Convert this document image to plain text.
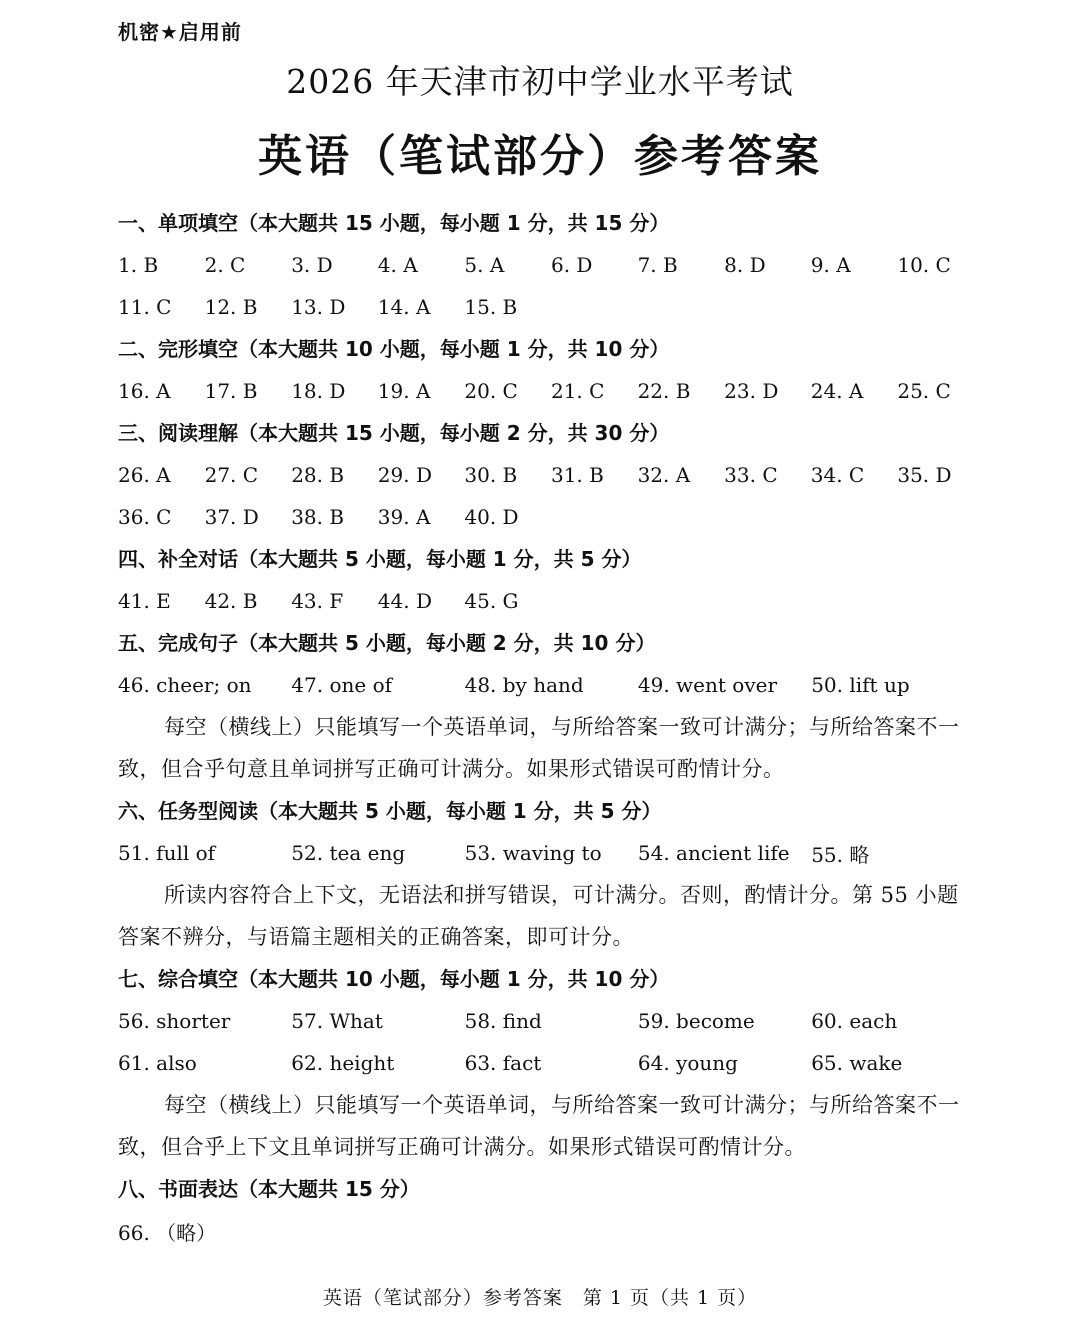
机密★启用前
2026 年天津市初中学业水平考试
英语（笔试部分）参考答案
一、单项填空（本大题共 15 小题，每小题 1 分，共 15 分）
1. B	2. C	3. D	4. A	5. A	6. D	7. B	8. D	9. A	10. C
11. C	12. B	13. D	14. A	15. B
二、完形填空（本大题共 10 小题，每小题 1 分，共 10 分）
16. A	17. B	18. D	19. A	20. C	21. C	22. B	23. D	24. A	25. C
三、阅读理解（本大题共 15 小题，每小题 2 分，共 30 分）
26. A	27. C	28. B	29. D	30. B	31. B	32. A	33. C	34. C	35. D
36. C	37. D	38. B	39. A	40. D
四、补全对话（本大题共 5 小题，每小题 1 分，共 5 分）
41. E	42. B	43. F	44. D	45. G
五、完成句子（本大题共 5 小题，每小题 2 分，共 10 分）
46. cheer; on	47. one of	48. by hand	49. went over	50. lift up

每空（横线上）只能填写一个英语单词，与所给答案一致可计满分；与所给答案不一致，但合乎句意且单词拼写正确可计满分。如果形式错误可酌情计分。

六、任务型阅读（本大题共 5 小题，每小题 1 分，共 5 分）
51. full of	52. tea eng	53. waving to	54. ancient life	55. 略

所读内容符合上下文，无语法和拼写错误，可计满分。否则，酌情计分。第 55 小题答案不辨分，与语篇主题相关的正确答案，即可计分。

七、综合填空（本大题共 10 小题，每小题 1 分，共 10 分）
56. shorter	57. What	58. find	59. become	60. each
61. also	62. height	63. fact	64. young	65. wake

每空（横线上）只能填写一个英语单词，与所给答案一致可计满分；与所给答案不一致，但合乎上下文且单词拼写正确可计满分。如果形式错误可酌情计分。

八、书面表达（本大题共 15 分）
66. （略）
英语（笔试部分）参考答案　第 1 页（共 1 页）
